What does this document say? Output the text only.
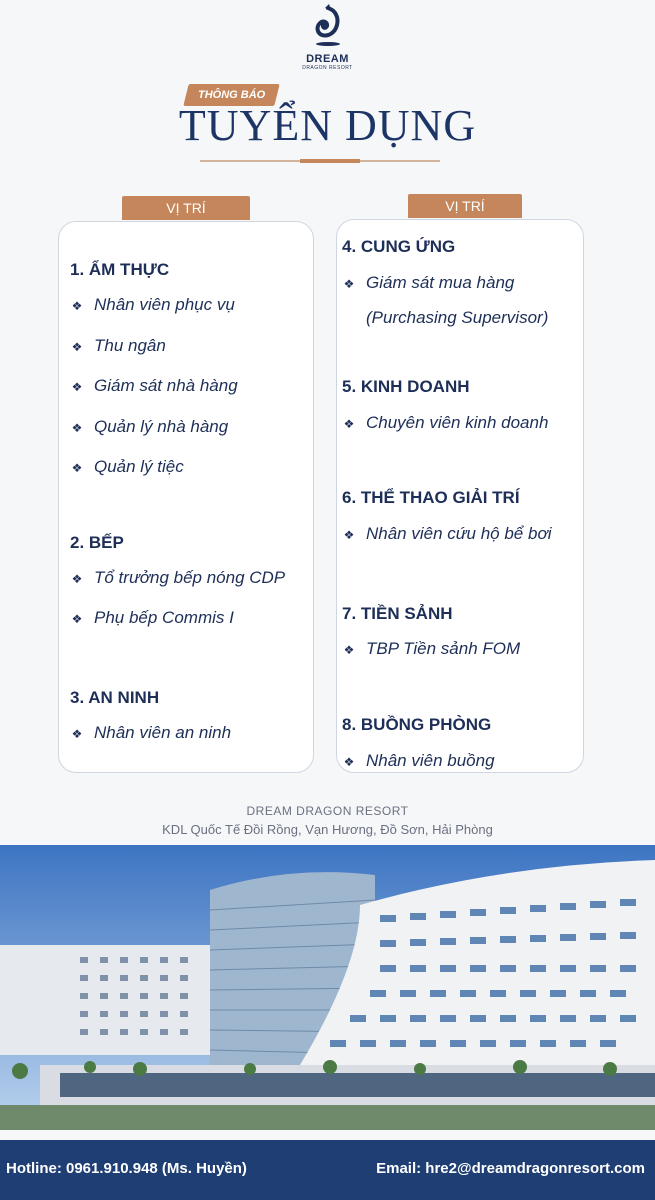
DREAM
DRAGON RESORT
THÔNG BÁO
TUYỂN DỤNG
VỊ TRÍ
1. ẨM THỰC
❖ Nhân viên phục vụ
❖ Thu ngân
❖ Giám sát nhà hàng
❖ Quản lý nhà hàng
❖ Quản lý tiệc
2. BẾP
❖ Tổ trưởng bếp nóng CDP
❖ Phụ bếp Commis I
3. AN NINH
❖ Nhân viên an ninh
VỊ TRÍ
4. CUNG ỨNG
❖ Giám sát mua hàng
(Purchasing Supervisor)
5. KINH DOANH
❖ Chuyên viên kinh doanh
6. THỂ THAO GIẢI TRÍ
❖ Nhân viên cứu hộ bể bơi
7. TIỀN SẢNH
❖ TBP Tiền sảnh FOM
8. BUỒNG PHÒNG
❖ Nhân viên buồng
DREAM DRAGON RESORT
KDL Quốc Tế Đồi Rồng, Vạn Hương, Đồ Sơn, Hải Phòng
Hotline: 0961.910.948 (Ms. Huyền)	Email: hre2@dreamdragonresort.com
